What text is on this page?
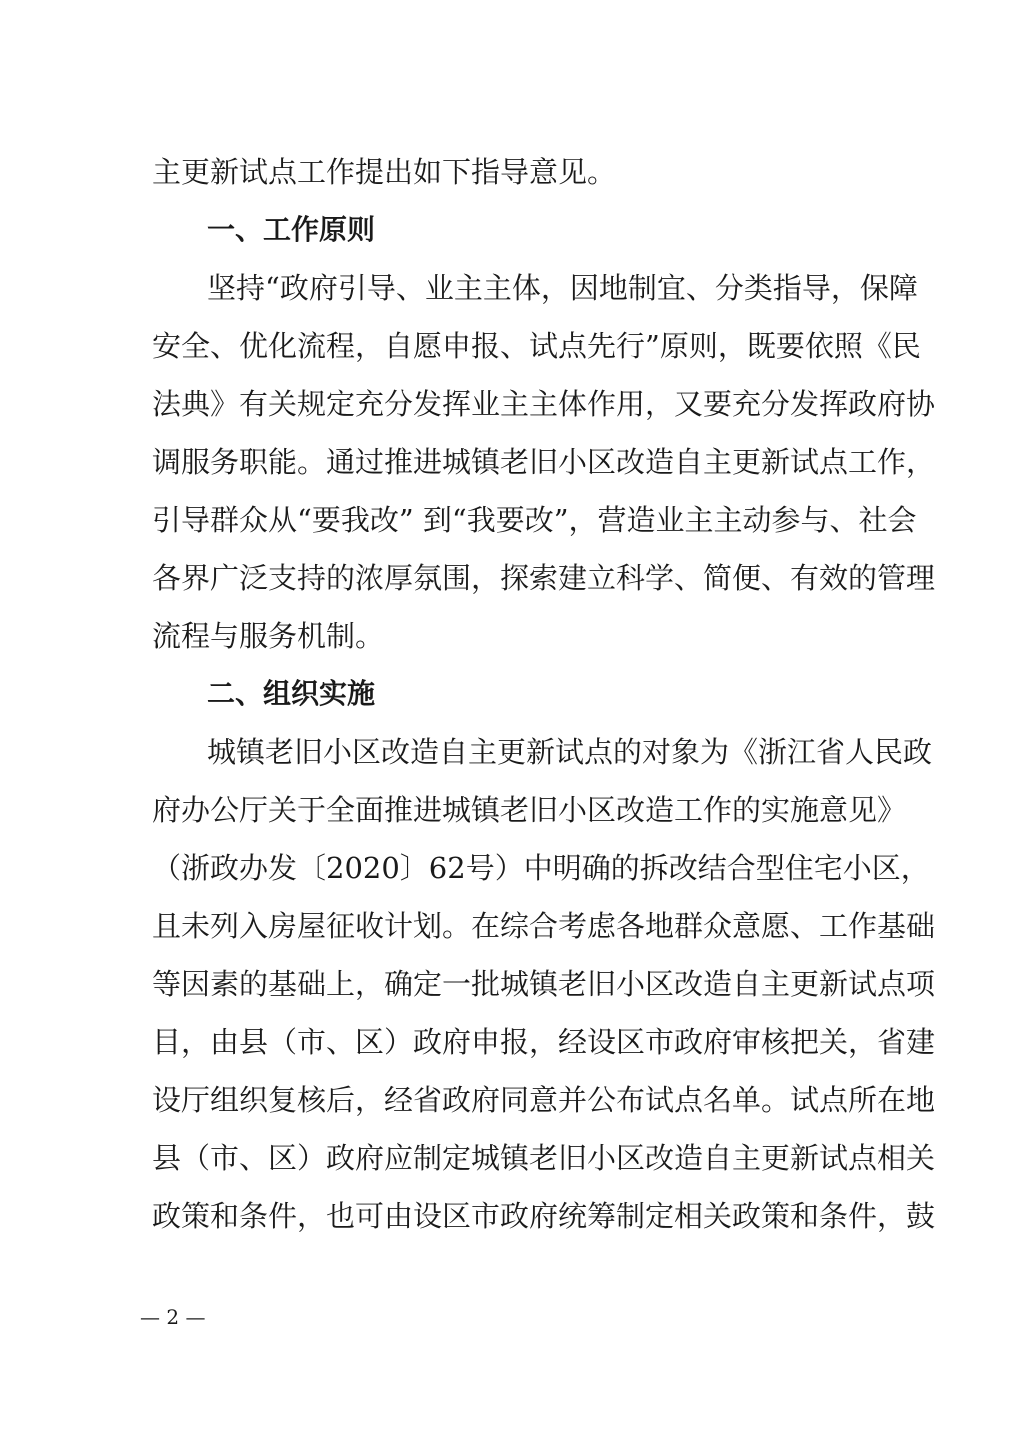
主更新试点工作提出如下指导意见。
一、工作原则
坚持“政府引导、业主主体，因地制宜、分类指导，保障
安全、优化流程，自愿申报、试点先行”原则，既要依照《民
法典》有关规定充分发挥业主主体作用，又要充分发挥政府协
调服务职能。通过推进城镇老旧小区改造自主更新试点工作，
引导群众从“要我改” 到“我要改”，营造业主主动参与、社会
各界广泛支持的浓厚氛围，探索建立科学、简便、有效的管理
流程与服务机制。
二、组织实施
城镇老旧小区改造自主更新试点的对象为《浙江省人民政
府办公厅关于全面推进城镇老旧小区改造工作的实施意见》
（浙政办发〔2020〕62号）中明确的拆改结合型住宅小区，
且未列入房屋征收计划。在综合考虑各地群众意愿、工作基础
等因素的基础上，确定一批城镇老旧小区改造自主更新试点项
目，由县（市、区）政府申报，经设区市政府审核把关，省建
设厅组织复核后，经省政府同意并公布试点名单。试点所在地
县（市、区）政府应制定城镇老旧小区改造自主更新试点相关
政策和条件，也可由设区市政府统筹制定相关政策和条件，鼓
— 2 —
